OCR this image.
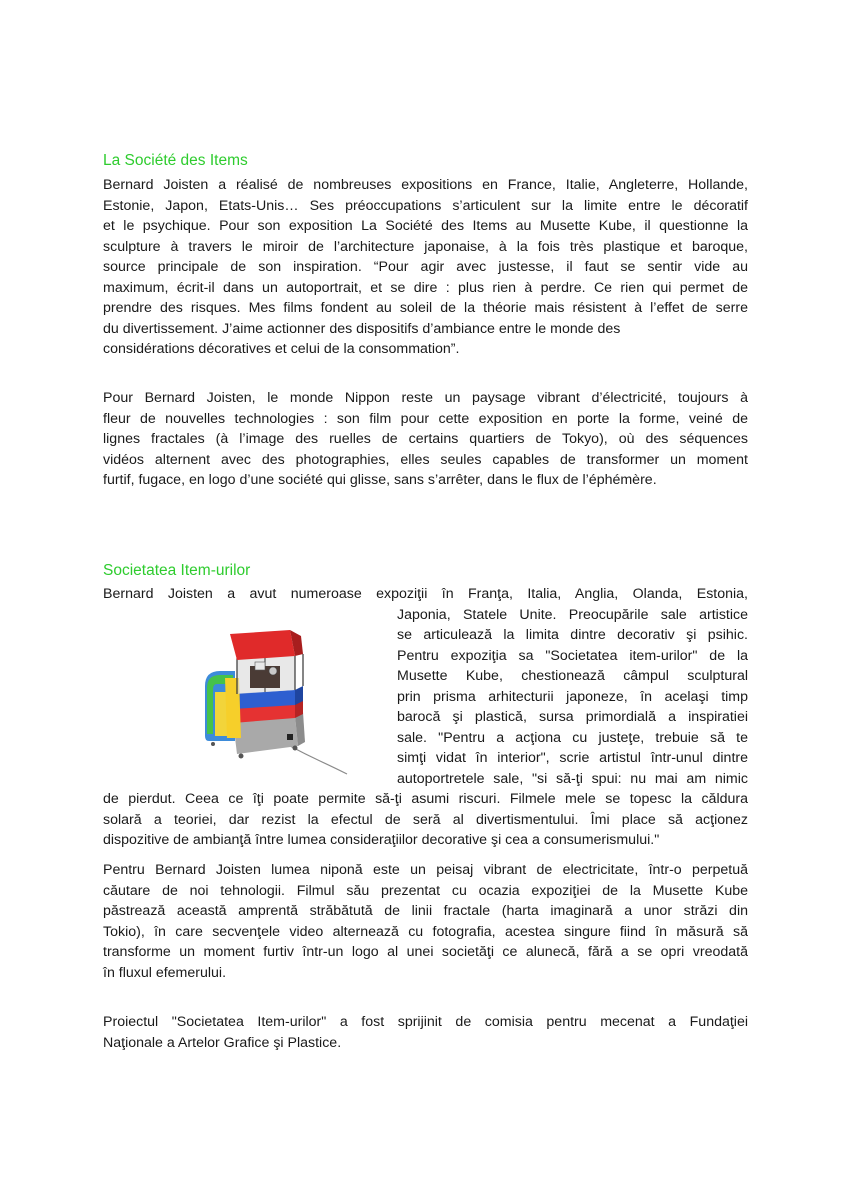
La Société des Items
Bernard Joisten a réalisé de nombreuses expositions en France, Italie, Angleterre, Hollande,
Estonie, Japon, Etats-Unis… Ses préoccupations s’articulent sur la limite entre le décoratif
et le psychique. Pour son exposition La Société des Items au Musette Kube, il questionne la
sculpture à travers le miroir de l’architecture japonaise, à la fois très plastique et baroque,
source principale de son inspiration. “Pour agir avec justesse, il faut se sentir vide au
maximum, écrit-il dans un autoportrait, et se dire : plus rien à perdre. Ce rien qui permet de
prendre des risques. Mes films fondent au soleil de la théorie mais résistent à l’effet de serre
du divertissement. J’aime actionner des dispositifs d’ambiance entre le monde des
considérations décoratives et celui de la consommation”.
Pour Bernard Joisten, le monde Nippon reste un paysage vibrant d’électricité, toujours à
fleur de nouvelles technologies : son film pour cette exposition en porte la forme, veiné de
lignes fractales (à l’image des ruelles de certains quartiers de Tokyo), où des séquences
vidéos alternent avec des photographies, elles seules capables de transformer un moment
furtif, fugace, en logo d’une société qui glisse, sans s’arrêter, dans le flux de l’éphémère.
Societatea Item-urilor
Bernard Joisten a avut numeroase expoziţii în Franţa, Italia, Anglia, Olanda, Estonia,
Japonia, Statele Unite. Preocupările sale artistice
se articulează la limita dintre decorativ şi psihic.
Pentru expoziţia sa "Societatea item-urilor" de la
Musette Kube, chestionează câmpul sculptural
prin prisma arhitecturii japoneze, în acelaşi timp
barocă şi plastică, sursa primordială a inspiratiei
sale. "Pentru a acţiona cu justeţe, trebuie să te
simţi vidat în interior", scrie artistul într-unul dintre
autoportretele sale, "si să-ţi spui: nu mai am nimic
de pierdut. Ceea ce îţi poate permite să-ţi asumi riscuri. Filmele mele se topesc la căldura
solară a teoriei, dar rezist la efectul de seră al divertismentului. Îmi place să acţionez
dispozitive de ambianţă între lumea consideraţiilor decorative şi cea a consumerismului."
Pentru Bernard Joisten lumea niponă este un peisaj vibrant de electricitate, într-o perpetuă
căutare de noi tehnologii. Filmul său prezentat cu ocazia expoziţiei de la Musette Kube
păstrează această amprentă străbătută de linii fractale (harta imaginară a unor străzi din
Tokio), în care secvenţele video alternează cu fotografia, acestea singure fiind în măsură să
transforme un moment furtiv într-un logo al unei societăţi ce alunecă, fără a se opri vreodată
în fluxul efemerului.
Proiectul "Societatea Item-urilor" a fost sprijinit de comisia pentru mecenat a Fundaţiei
Naţionale a Artelor Grafice şi Plastice.
